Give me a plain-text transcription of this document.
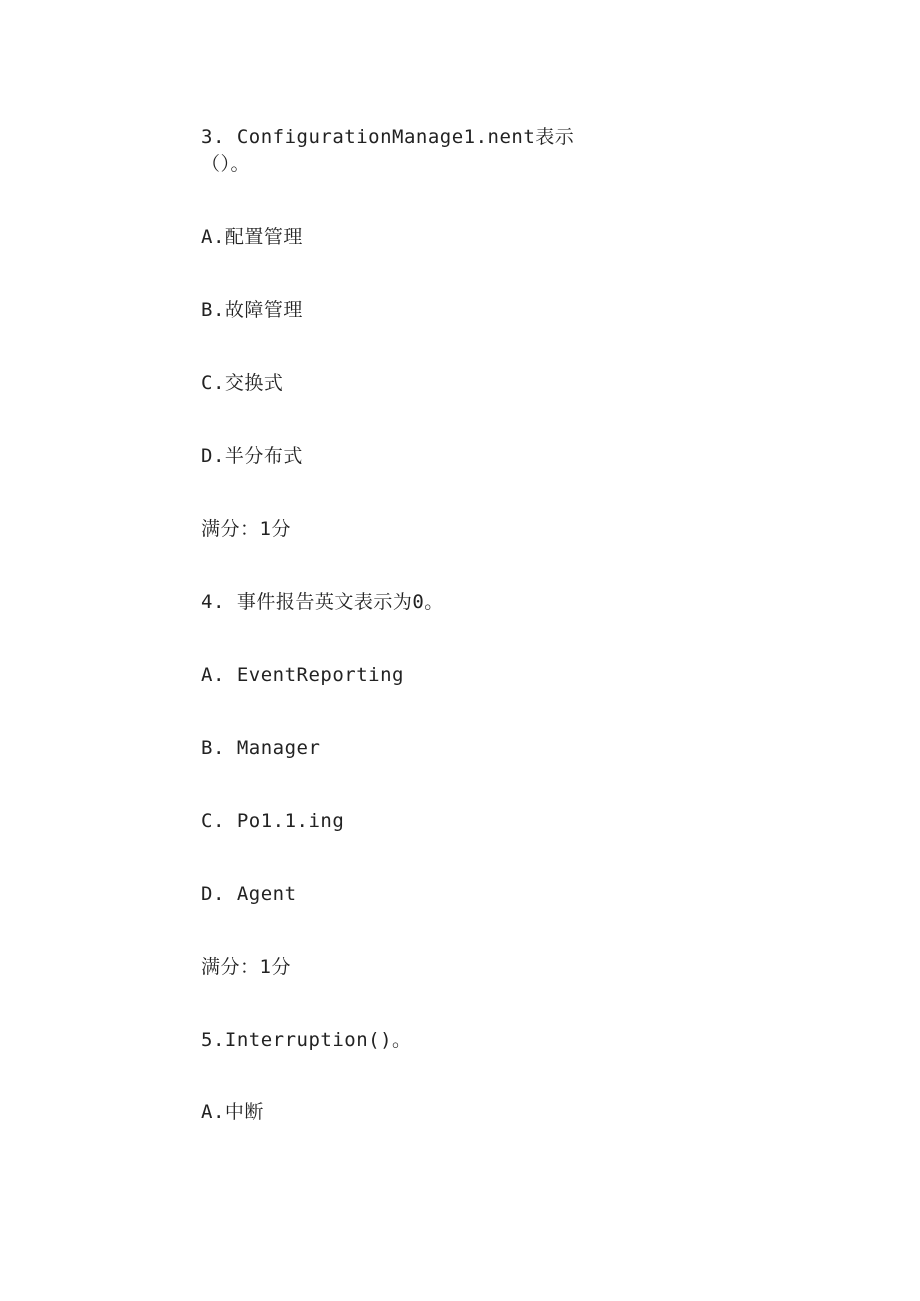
3. ConfigurationManage1.nent表示
（）。
A.配置管理
B.故障管理
C.交换式
D.半分布式
满分：1分
4. 事件报告英文表示为0。
A. EventReporting
B. Manager
C. Po1.1.ing
D. Agent
满分：1分
5.Interruption()。
A.中断
